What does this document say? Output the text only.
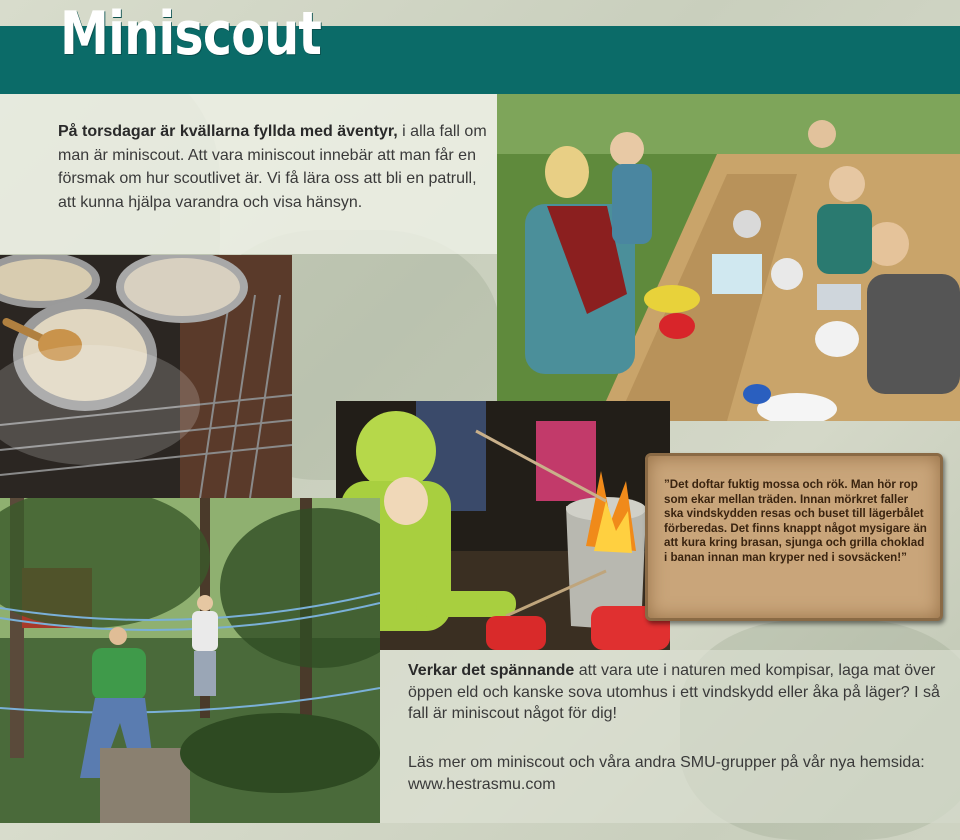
Miniscout

På torsdagar är kvällarna fyllda med äventyr, i alla fall om man är miniscout. Att vara miniscout innebär att man får en försmak om hur scoutlivet är. Vi få lära oss att bli en patrull, att kunna hjälpa varandra och visa hänsyn.

”Det doftar fuktig mossa och rök. Man hör rop som ekar mellan träden. Innan mörkret faller ska vindskydden resas och buset till lägerbålet förberedas. Det finns knappt något mysigare än att kura kring brasan, sjunga och grilla choklad i banan innan man kryper ned i sovsäcken!”

Verkar det spännande att vara ute i naturen med kompisar, laga mat över öppen eld och kanske sova utomhus i ett vindskydd eller åka på läger? I så fall är miniscout något för dig!

Läs mer om miniscout och våra andra SMU-grupper på vår nya hemsida: www.hestrasmu.com
